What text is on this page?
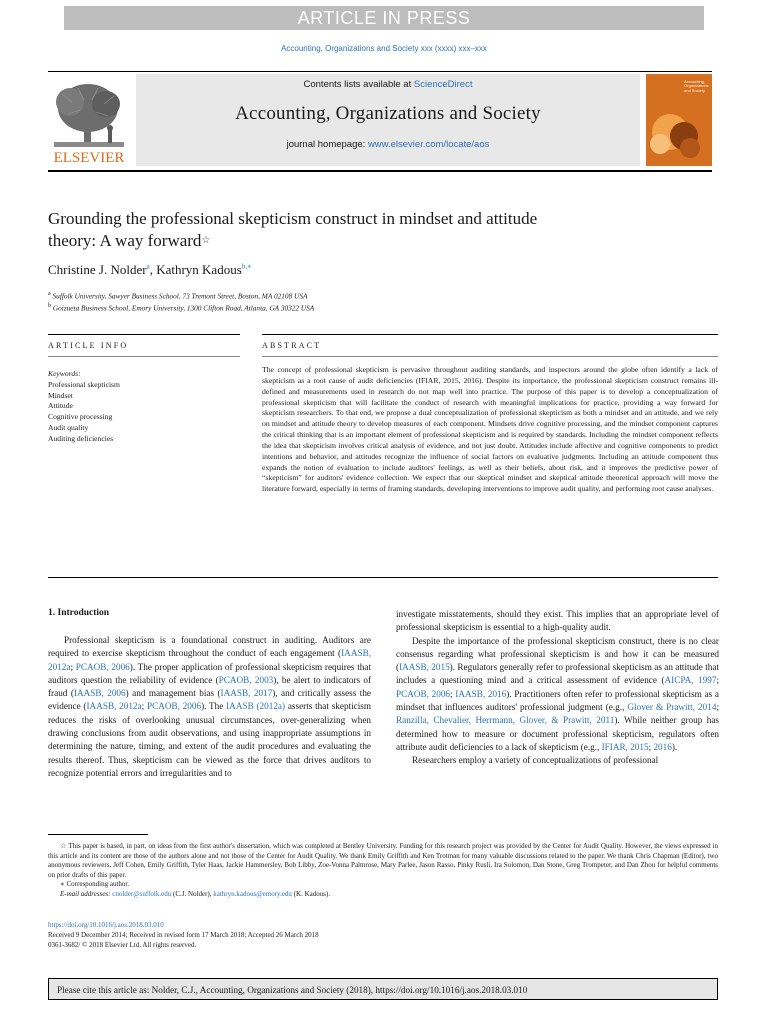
ARTICLE IN PRESS
Accounting, Organizations and Society xxx (xxxx) xxx–xxx
ELSEVIER
Contents lists available at ScienceDirect
Accounting, Organizations and Society
journal homepage: www.elsevier.com/locate/aos
Accounting, Organizations and Society
Grounding the professional skepticism construct in mindset and attitude
theory: A way forward☆
Christine J. Nolder$^a$, Kathryn Kadous$^{b,∗}$
$^a$ Suffolk University, Sawyer Business School, 73 Tremont Street, Boston, MA 02108 USA
$^b$ Goizueta Business School, Emory University, 1300 Clifton Road, Atlanta, GA 30322 USA
ARTICLE INFO	ABSTRACT
Keywords:
Professional skepticism
Mindset
Attitude
Cognitive processing
Audit quality
Auditing deficiencies
The concept of professional skepticism is pervasive throughout auditing standards, and inspectors around the globe often identify a lack of skepticism as a root cause of audit deficiencies (IFIAR, 2015, 2016). Despite its importance, the professional skepticism construct remains ill-defined and measurements used in research do not map well into practice. The purpose of this paper is to develop a conceptualization of professional skepticism that will facilitate the conduct of research with meaningful implications for practice, providing a way forward for skepticism researchers. To that end, we propose a dual conceptualization of professional skepticism as both a mindset and an attitude, and we rely on mindset and attitude theory to develop measures of each component. Mindsets drive cognitive processing, and the mindset component captures the critical thinking that is an important element of professional skepticism and is required by standards. Including the mindset component reflects the idea that skepticism involves critical analysis of evidence, and not just doubt. Attitudes include affective and cognitive components to predict intentions and behavior, and attitudes recognize the influence of social factors on evaluative judgments. Including an attitude component thus expands the notion of evaluation to include auditors' feelings, as well as their beliefs, about risk, and it improves the predictive power of “skepticism” for auditors' evidence collection. We expect that our skeptical mindset and skeptical attitude theoretical approach will move the literature forward, especially in terms of framing standards, developing interventions to improve audit quality, and performing root cause analyses.
1. Introduction

Professional skepticism is a foundational construct in auditing. Auditors are required to exercise skepticism throughout the conduct of each engagement (IAASB, 2012a; PCAOB, 2006). The proper application of professional skepticism requires that auditors question the reliability of evidence (PCAOB, 2003), be alert to indicators of fraud (IAASB, 2006) and management bias (IAASB, 2017), and critically assess the evidence (IAASB, 2012a; PCAOB, 2006). The IAASB (2012a) asserts that skepticism reduces the risks of overlooking unusual circumstances, over-generalizing when drawing conclusions from audit observations, and using inappropriate assumptions in determining the nature, timing, and extent of the audit procedures and evaluating the results thereof. Thus, skepticism can be viewed as the force that drives auditors to recognize potential errors and irregularities and to

investigate misstatements, should they exist. This implies that an appropriate level of professional skepticism is essential to a high-quality audit.

Despite the importance of the professional skepticism construct, there is no clear consensus regarding what professional skepticism is and how it can be measured (IAASB, 2015). Regulators generally refer to professional skepticism as an attitude that includes a questioning mind and a critical assessment of evidence (AICPA, 1997; PCAOB, 2006; IAASB, 2016). Practitioners often refer to professional skepticism as a mindset that influences auditors' professional judgment (e.g., Glover & Prawitt, 2014; Ranzilla, Chevalier, Herrmann, Glover, & Prawitt, 2011). While neither group has determined how to measure or document professional skepticism, regulators often attribute audit deficiencies to a lack of skepticism (e.g., IFIAR, 2015; 2016).

Researchers employ a variety of conceptualizations of professional

☆ This paper is based, in part, on ideas from the first author's dissertation, which was completed at Bentley University. Funding for this research project was provided by the Center for Audit Quality. However, the views expressed in this article and its content are those of the authors alone and not those of the Center for Audit Quality. We thank Emily Griffith and Ken Trotman for many valuable discussions related to the paper. We thank Chris Chapman (Editor), two anonymous reviewers, Jeff Cohen, Emily Griffith, Tyler Haas, Jackie Hammersley, Bob Libby, Zoe-Vonna Palmrose, Mary Parlee, Jason Rasso, Pinky Rusli, Ira Solomon, Dan Stone, Greg Trompeter, and Dan Zhou for helpful comments on prior drafts of this paper.

∗ Corresponding author.

E-mail addresses: cnolder@suffolk.edu (C.J. Nolder), kathryn.kadous@emory.edu (K. Kadous).

https://doi.org/10.1016/j.aos.2018.03.010
Received 9 December 2014; Received in revised form 17 March 2018; Accepted 26 March 2018
0361-3682/ © 2018 Elsevier Ltd. All rights reserved.
Please cite this article as: Nolder, C.J., Accounting, Organizations and Society (2018), https://doi.org/10.1016/j.aos.2018.03.010
